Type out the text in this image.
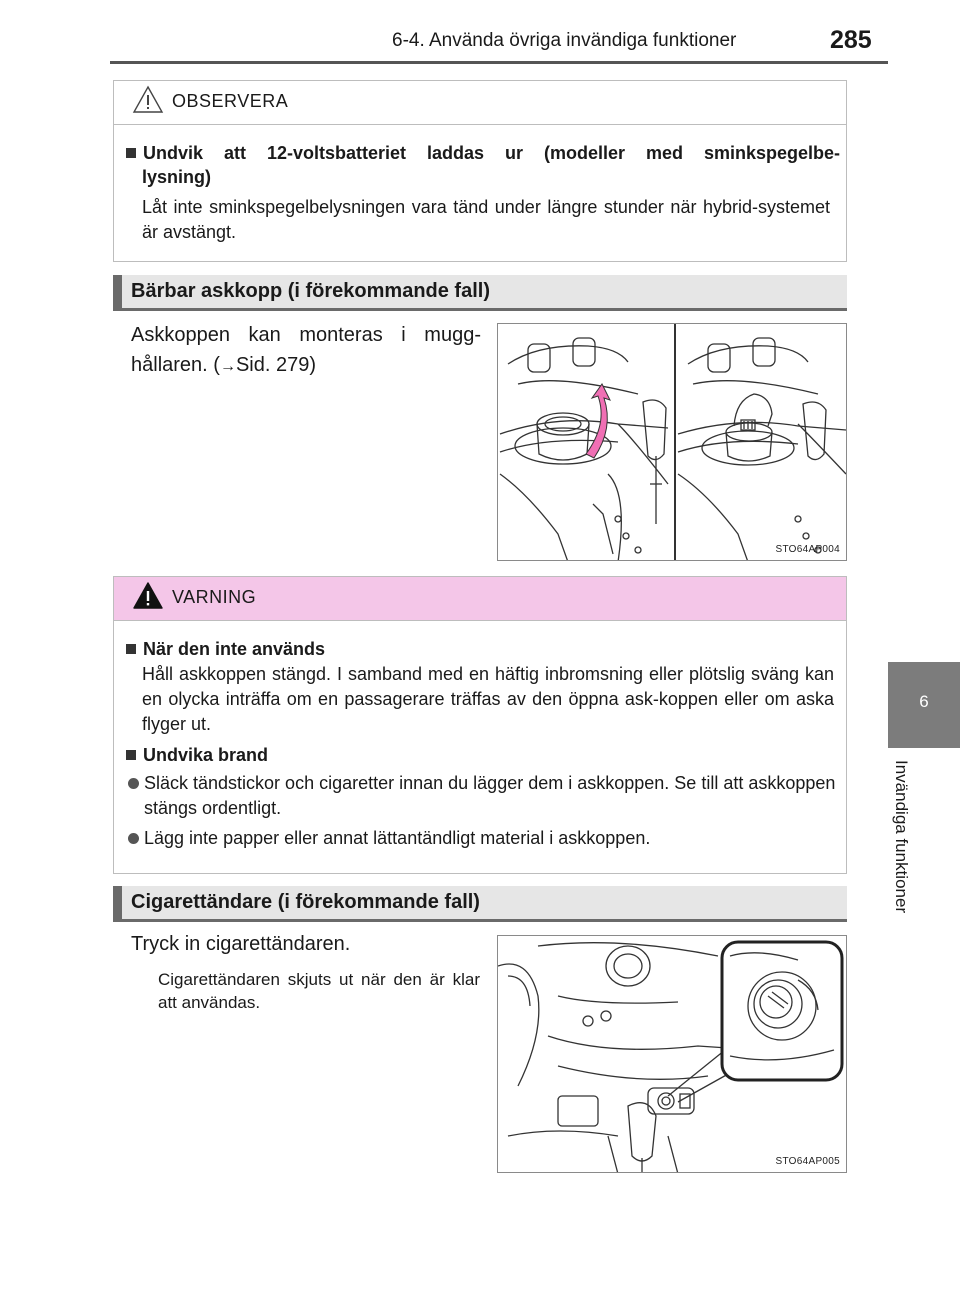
6-4. Använda övriga invändiga funktioner	285
6
Invändiga funktioner
OBSERVERA
Undvik att 12-voltsbatteriet laddas ur (modeller med sminkspegelbe-
lysning)
Låt inte sminkspegelbelysningen vara tänd under längre stunder när hybrid-systemet är avstängt.
Bärbar askkopp (i förekommande fall)
Askkoppen kan monteras i mugg-
hållaren. (→Sid. 279)
STO64AP004
VARNING
När den inte används
Håll askkoppen stängd. I samband med en häftig inbromsning eller plötslig sväng kan en olycka inträffa om en passagerare träffas av den öppna ask-koppen eller om aska flyger ut.
Undvika brand
Släck tändstickor och cigaretter innan du lägger dem i askkoppen. Se till att askkoppen stängs ordentligt.
Lägg inte papper eller annat lättantändligt material i askkoppen.
Cigarettändare (i förekommande fall)
Tryck in cigarettändaren.
Cigarettändaren skjuts ut när den är klar att användas.
STO64AP005
